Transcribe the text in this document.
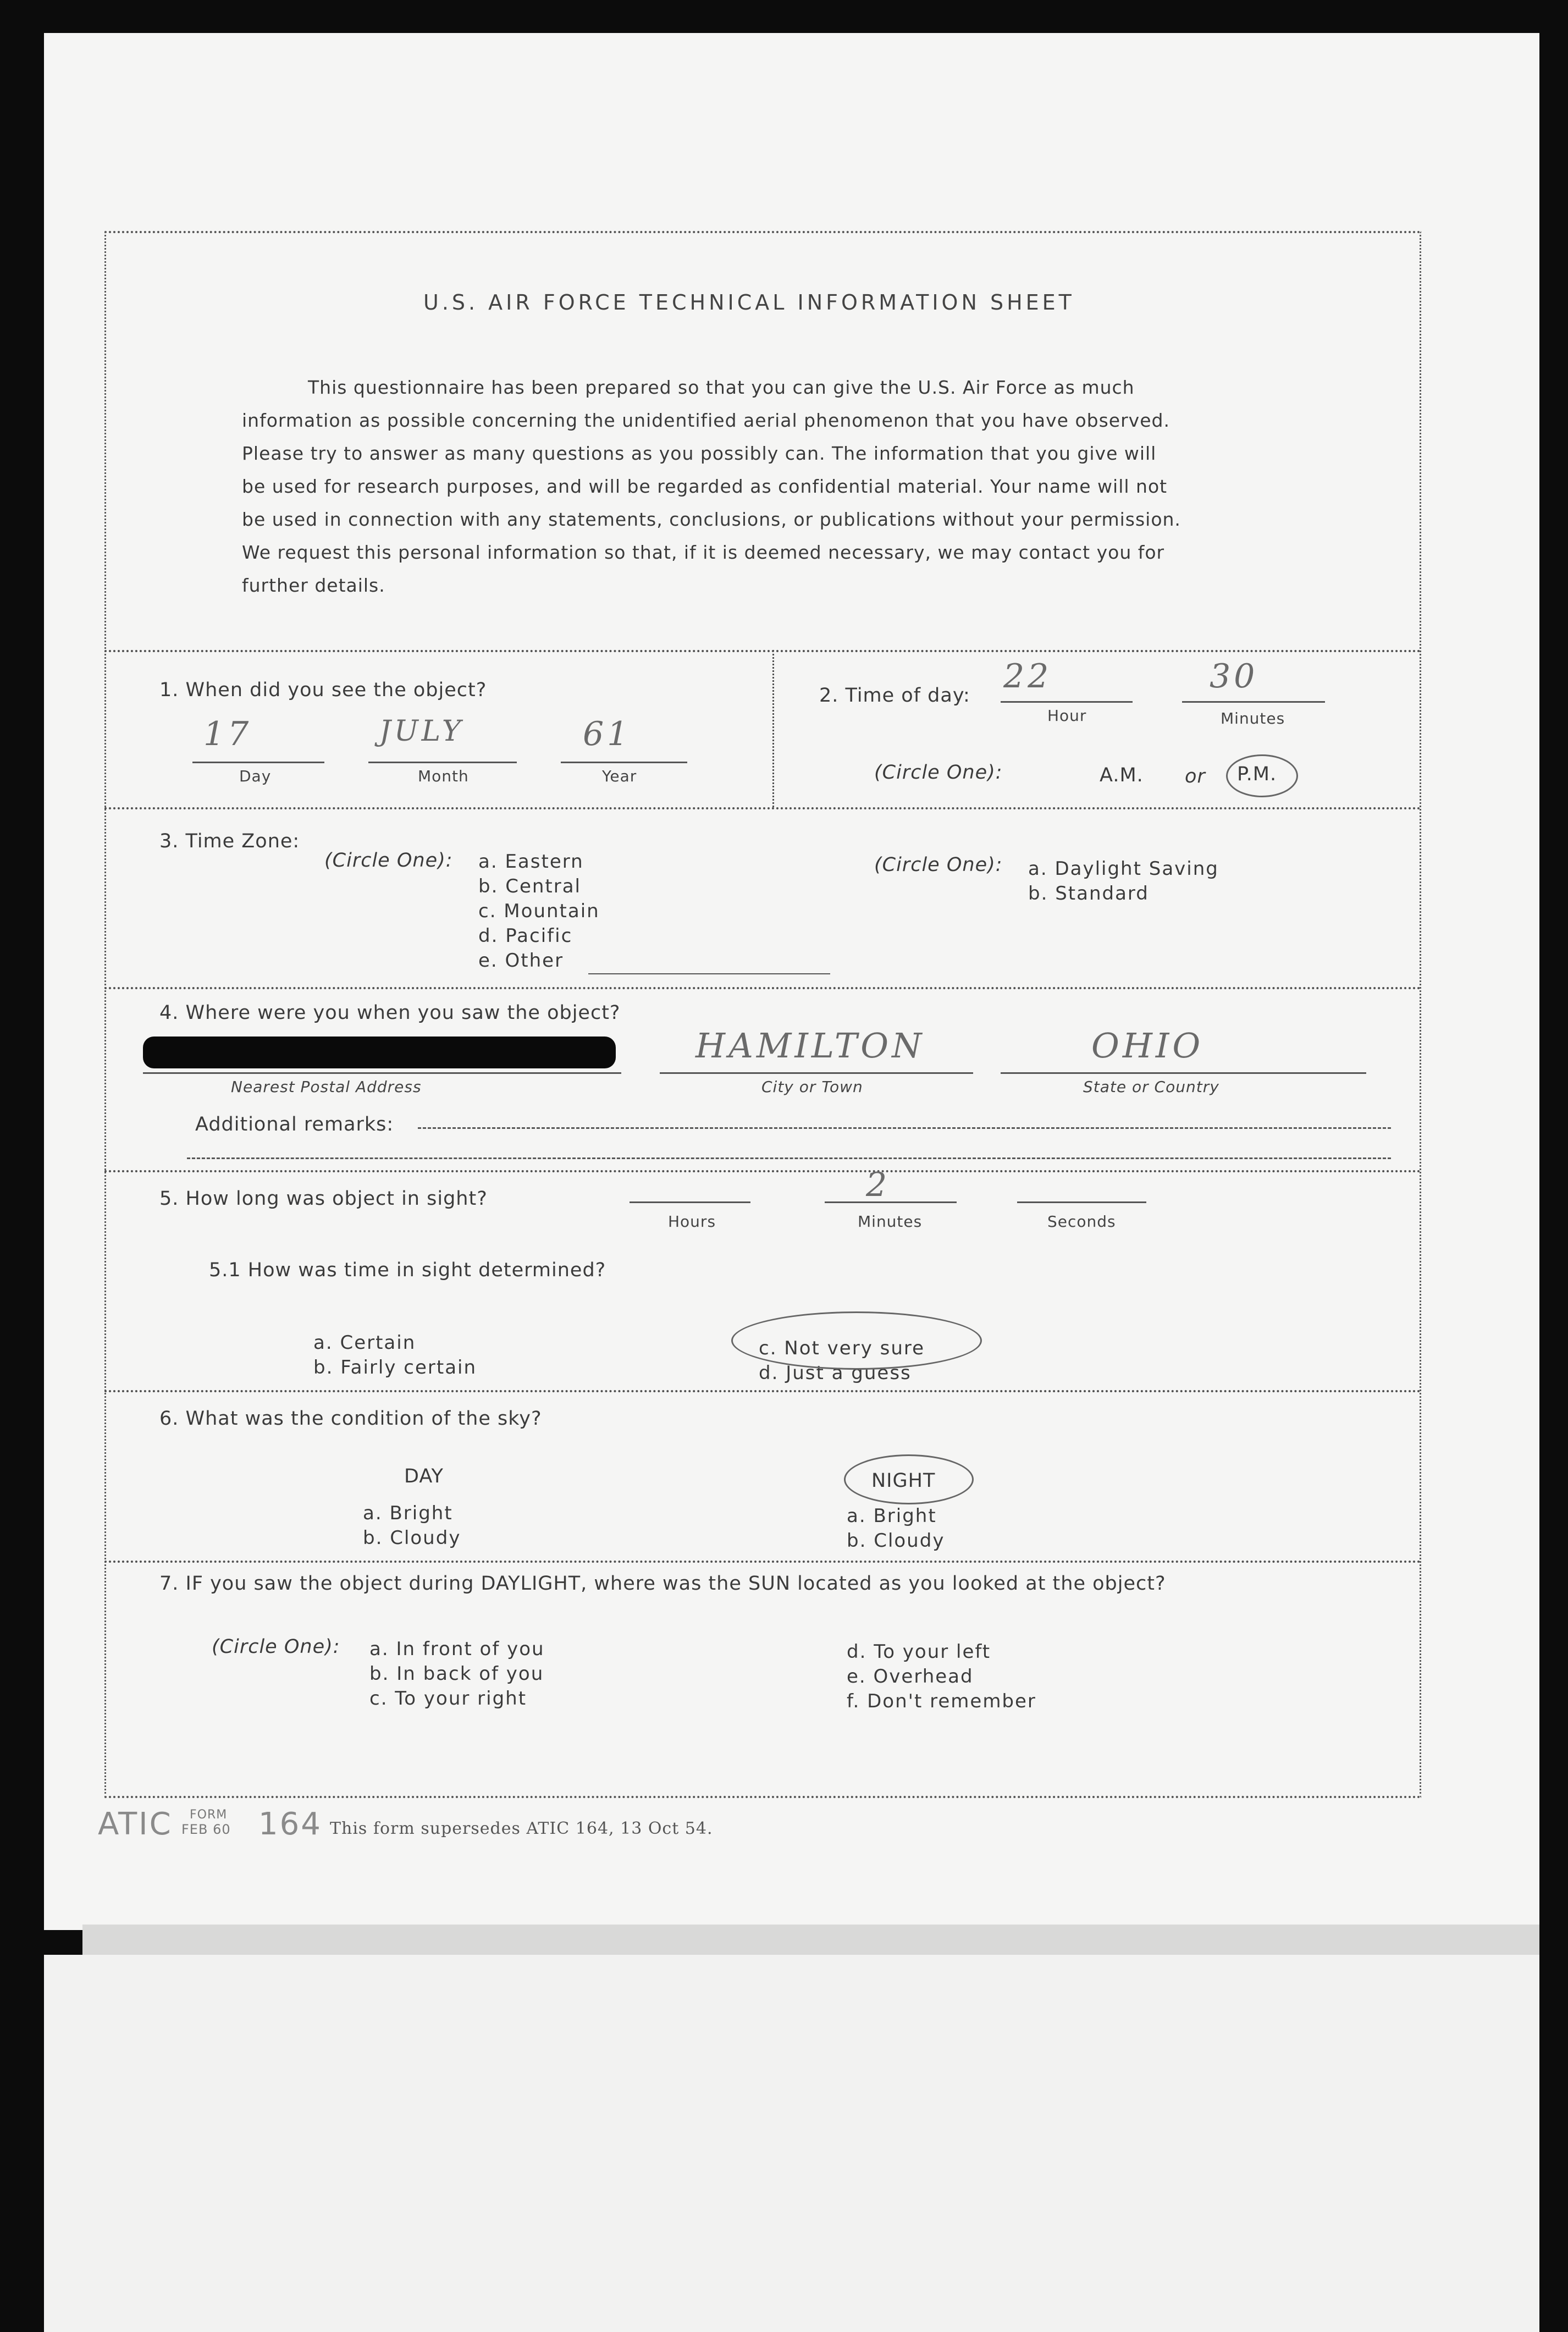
U.S. AIR FORCE TECHNICAL INFORMATION SHEET
This questionnaire has been prepared so that you can give the U.S. Air Force as much
information as possible concerning the unidentified aerial phenomenon that you have observed.
Please try to answer as many questions as you possibly can. The information that you give will
be used for research purposes, and will be regarded as confidential material. Your name will not
be used in connection with any statements, conclusions, or publications without your permission.
We request this personal information so that, if it is deemed necessary, we may contact you for
further details.
1. When did you see the object?
17
Day
JULY
Month
61
Year
2. Time of day: 22
Hour
30
Minutes
(Circle One):	A.M. or P.M.
3. Time Zone:
(Circle One): a. Eastern
b. Central
c. Mountain
d. Pacific
e. Other
(Circle One): a. Daylight Saving
b. Standard
4. Where were you when you saw the object?
Nearest Postal Address
HAMILTON
City or Town
OHIO
State or Country
Additional remarks:
5. How long was object in sight?
Hours
2
Minutes	Seconds
5.1 How was time in sight determined?
a. Certain
b. Fairly certain
c. Not very sure
d. Just a guess
6. What was the condition of the sky?
DAY
a. Bright
b. Cloudy
NIGHT
a. Bright
b. Cloudy
7. IF you saw the object during DAYLIGHT, where was the SUN located as you looked at the object?
(Circle One): a. In front of you
b. In back of you
c. To your right
d. To your left
e. Overhead
f. Don't remember
ATIC FORM
FEB 60 164 This form supersedes ATIC 164, 13 Oct 54.
